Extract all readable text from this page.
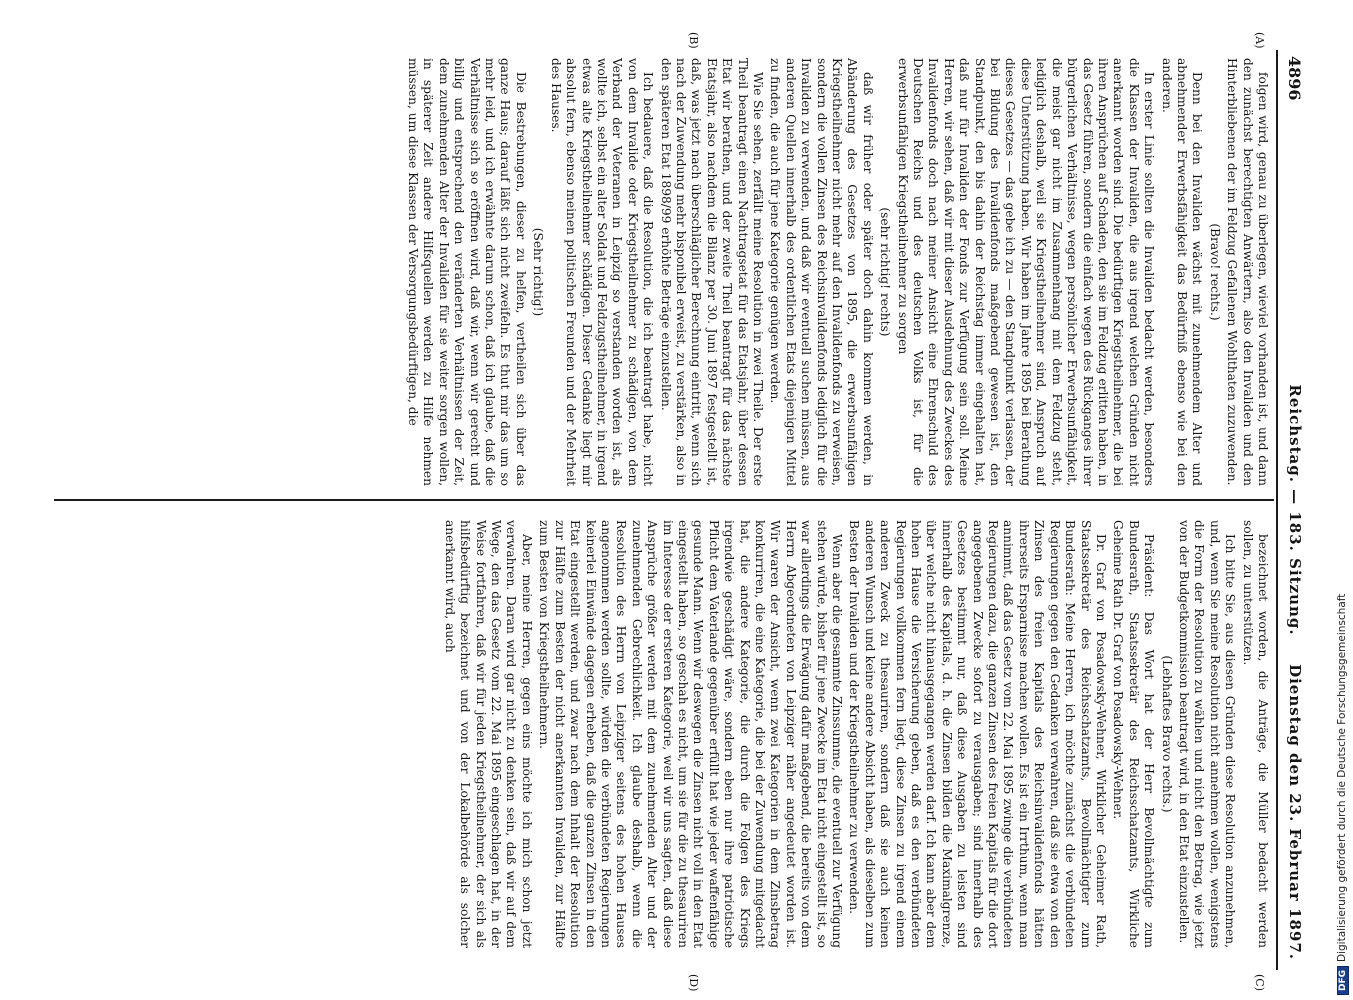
4896
Reichstag. — 183. Sitzung.
Dienstag den 23. Februar 1897.
(A)
(B)
(C)
(D)

folgen wird, genau zu überlegen, wieviel vorhanden ist, und dann den zunächst berechtigten Anwärtern, also den Invaliden und den Hinterbliebenen der im Feldzug Gefallenen Wohlthaten zuzuwenden.

(Bravo! rechts.)

Denn bei den Invaliden wächst mit zunehmendem Alter und abnehmender Erwerbsfähigkeit das Bedürfniß ebenso wie bei den anderen.

In erster Linie sollten die Invaliden bedacht werden, besonders die Klassen der Invaliden, die aus irgend welchen Gründen nicht anerkannt worden sind. Die bedürftigen Kriegstheilnehmer, die bei ihren Ansprüchen auf Schaden, den sie im Feldzug erlitten haben, in das Gesetz führen, sondern die einfach wegen des Rückganges ihrer bürgerlichen Verhältnisse, wegen persönlicher Erwerbsunfähigkeit, die meist gar nicht im Zusammenhang mit dem Feldzug steht, lediglich deshalb, weil sie Kriegstheilnehmer sind, Anspruch auf diese Unterstützung haben. Wir haben im Jahre 1895 bei Berathung dieses Gesetzes — das gebe ich zu — den Standpunkt verlassen, der bei Bildung des Invalidenfonds maßgebend gewesen ist, den Standpunkt, den bis dahin der Reichstag immer eingehalten hat, daß nur für Invaliden der Fonds zur Verfügung sein soll. Meine Herren, wir sehen, daß wir mit dieser Ausdehnung des Zweckes des Invalidenfonds doch nach meiner Ansicht eine Ehrenschuld des Deutschen Reichs und des deutschen Volks ist, für die erwerbsunfähigen Kriegstheilnehmer zu sorgen

(sehr richtig! rechts)

daß wir früher oder später doch dahin kommen werden, in Abänderung des Gesetzes von 1895, die erwerbsunfähigen Kriegstheilnehmer nicht mehr auf den Invalidenfonds zu verweisen, sondern die vollen Zinsen des Reichsinvalidenfonds lediglich für die Invaliden zu verwenden, und daß wir eventuell suchen müssen, aus anderen Quellen innerhalb des ordentlichen Etats diejenigen Mittel zu finden, die auch für jene Kategorie genügen werden.

Wie Sie sehen, zerfällt meine Resolution in zwei Theile. Der erste Theil beantragt einen Nachtragsetat für das Etatsjahr, über dessen Etat wir berathen, und der zweite Theil beantragt für das nächste Etatsjahr, also nachdem die Bilanz per 30. Juni 1897 festgestellt ist, daß, was jetzt nach überschläglicher Berechnung eintritt, wenn sich nach der Zuwendung mehr bisponibel erweist, zu verstärken, also in den späteren Etat 1898/99 erhöhte Beträge einzustellen.

Ich bedauere, daß die Resolution, die ich beantragt habe, nicht von dem Invalide oder Kriegstheilnehmer zu schädigen, von dem Verband der Veteranen in Leipzig so verstanden worden ist, als wollte ich, selbst ein alter Soldat und Feldzugstheilnehmer, in irgend etwas alte Kriegstheilnehmer schädigen. Dieser Gedanke liegt mir absolut fern, ebenso meinen politischen Freunden und der Mehrheit des Hauses.

(Sehr richtig!)

Die Bestrebungen, dieser zu helfen, vertheilen sich über das ganze Haus; darauf läßt sich nicht zweifeln. Es thut mir das um so mehr leid, und ich erwähnte darum schon, daß ich glaube, daß die Verhältnisse sich so eröffnen wird, daß wir, wenn wir gerecht und billig und entsprechend den veränderten Verhältnissen der Zeit, dem zunehmenden Alter der Invaliden für sie weiter sorgen wollen, in späterer Zeit andere Hilfsquellen werden zu Hilfe nehmen müssen, um diese Klassen der Versorgungsbedürftigen, die

bezeichnet worden, die Anträge, die Müller bedacht werden sollen, zu unterstützen.

Ich bitte Sie, aus diesen Gründen diese Resolution anzunehmen, und, wenn Sie meine Resolution nicht annehmen wollen, wenigstens die Form der Resolution zu wählen und nicht den Betrag, wie jetzt von der Budgetkommission beantragt wird, in den Etat einzustellen.

(Lebhaftes Bravo rechts.)

Präsident: Das Wort hat der Herr Bevollmächtigte zum Bundesrath, Staatssekretär des Reichsschatzamts, Wirkliche Geheime Rath Dr. Graf von Posadowsky-Wehner.

Dr. Graf von Posadowsky-Wehner, Wirklicher Geheimer Rath, Staatssekretär des Reichsschatzamts, Bevollmächtigter zum Bundesrath: Meine Herren, ich möchte zunächst die verbündeten Regierungen gegen den Gedanken verwahren, daß sie etwa von den Zinsen des freien Kapitals des Reichsinvalidenfonds hätten ihrerseits Ersparnisse machen wollen. Es ist ein Irrthum, wenn man annimmt, daß das Gesetz vom 22. Mai 1895 zwinge die verbündeten Regierungen dazu, die ganzen Zinsen des freien Kapitals für die dort angegebenen Zwecke sofort zu verausgaben; sind innerhalb des Gesetzes bestimmt nur, daß diese Ausgaben zu leisten sind innerhalb des Kapitals, d. h. die Zinsen bilden die Maximalgrenze, über welche nicht hinausgegangen werden darf. Ich kann aber dem hohen Hause die Versicherung geben, daß es den verbündeten Regierungen vollkommen fern liegt, diese Zinsen zu irgend einem anderen Zweck zu thesauriren, sondern daß sie auch keinen anderen Wunsch und keine andere Absicht haben, als dieselben zum Besten der Invaliden und der Kriegstheilnehmer zu verwenden.

Wenn aber die gesammte Zinssumme, die eventuell zur Verfügung stehen würde, bisher für jene Zwecke im Etat nicht eingestellt ist, so war allerdings die Erwägung dafür maßgebend, die bereits von dem Herrn Abgeordneten von Leipziger näher angedeutet worden ist. Wir waren der Ansicht, wenn zwei Kategorien in dem Zinsbetrag konkurriren, die eine Kategorie, die bei der Zuwendung mitgedacht hat, die andere Kategorie, die durch die Folgen des Kriegs irgendwie geschädigt wäre, sondern eben nur ihre patriotische Pflicht dem Vaterlande gegenüber erfüllt hat wie jeder waffenfähige gesunde Mann. Wenn wir deswegen die Zinsen nicht voll in den Etat eingestellt haben, so geschah es nicht, um sie für die zu thesauriren im Interesse der ersteren Kategorie, weil wir uns sagten, daß diese Ansprüche größer werden mit dem zunehmenden Alter und der zunehmenden Gebrechlichkeit. Ich glaube deshalb, wenn die Resolution des Herrn von Leipziger seitens des hohen Hauses angenommen werden sollte, würden die verbündeten Regierungen keinerlei Einwände dagegen erheben, daß die ganzen Zinsen in den Etat eingestellt werden, und zwar nach dem Inhalt der Resolution zur Hälfte zum Besten der nicht anerkannten Invaliden, zur Hälfte zum Besten von Kriegstheilnehmern.

Aber, meine Herren, gegen eins möchte ich mich schon jetzt verwahren. Daran wird gar nicht zu denken sein, daß wir auf dem Wege, den das Gesetz vom 22. Mai 1895 eingeschlagen hat, in der Weise fortfahren, daß wir für jeden Kriegstheilnehmer, der sich als hilfsbedürftig bezeichnet und von der Lokalbehörde als solcher anerkannt wird, auch

DFGDigitalisierung gefördert durch die Deutsche Forschungsgemeinschaft
